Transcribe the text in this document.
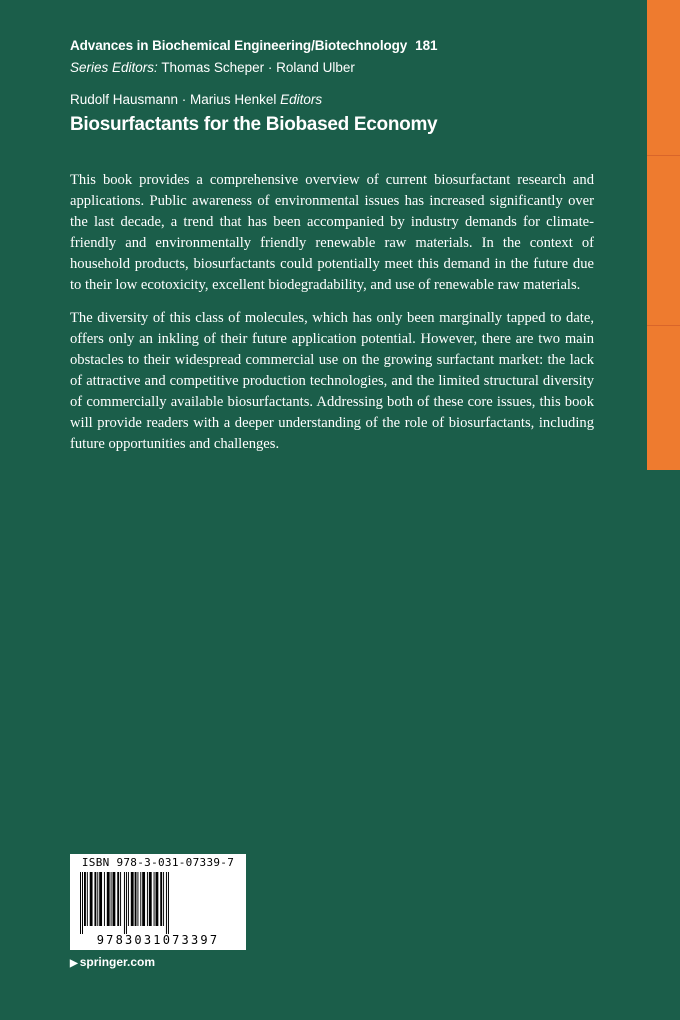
Advances in Biochemical Engineering/Biotechnology 181
Series Editors: Thomas Scheper · Roland Ulber
Rudolf Hausmann · Marius Henkel Editors
Biosurfactants for the Biobased Economy

This book provides a comprehensive overview of current biosurfactant research and applications. Public awareness of environmental issues has increased significantly over the last decade, a trend that has been accompanied by industry demands for climate-friendly and environmentally friendly renewable raw materials. In the context of household products, biosurfactants could potentially meet this demand in the future due to their low ecotoxicity, excellent biodegradability, and use of renewable raw materials.

The diversity of this class of molecules, which has only been marginally tapped to date, offers only an inkling of their future application potential. However, there are two main obstacles to their widespread commercial use on the growing surfactant market: the lack of attractive and competitive production technologies, and the limited structural diversity of commercially available biosurfactants. Addressing both of these core issues, this book will provide readers with a deeper understanding of the role of biosurfactants, including future opportunities and challenges.

ISBN 978-3-031-07339-7
9783031073397
▶ springer.com
